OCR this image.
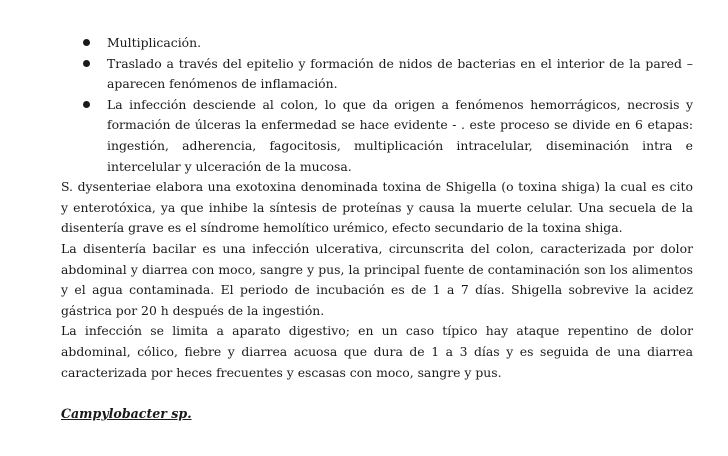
Multiplicación.
Traslado a través del epitelio y formación de nidos de bacterias en el interior de la pared – aparecen fenómenos de inflamación.
La infección desciende al colon, lo que da origen a fenómenos hemorrágicos, necrosis y formación de úlceras la enfermedad se hace evidente - . este proceso se divide en 6 etapas: ingestión, adherencia, fagocitosis, multiplicación intracelular, diseminación intra e intercelular y ulceración de la mucosa.

S. dysenteriae elabora una exotoxina denominada toxina de Shigella (o toxina shiga) la cual es cito y enterotóxica, ya que inhibe la síntesis de proteínas y causa la muerte celular. Una secuela de la disentería grave es el síndrome hemolítico urémico, efecto secundario de la toxina shiga.

La disentería bacilar es una infección ulcerativa, circunscrita del colon, caracterizada por dolor abdominal y diarrea con moco, sangre y pus, la principal fuente de contaminación son los alimentos y el agua contaminada. El periodo de incubación es de 1 a 7 días. Shigella sobrevive la acidez gástrica por 20 h después de la ingestión.

La infección se limita a aparato digestivo; en un caso típico hay ataque repentino de dolor abdominal, cólico, fiebre y diarrea acuosa que dura de 1 a 3 días y es seguida de una diarrea caracterizada por heces frecuentes y escasas con moco, sangre y pus.

Campylobacter sp.
